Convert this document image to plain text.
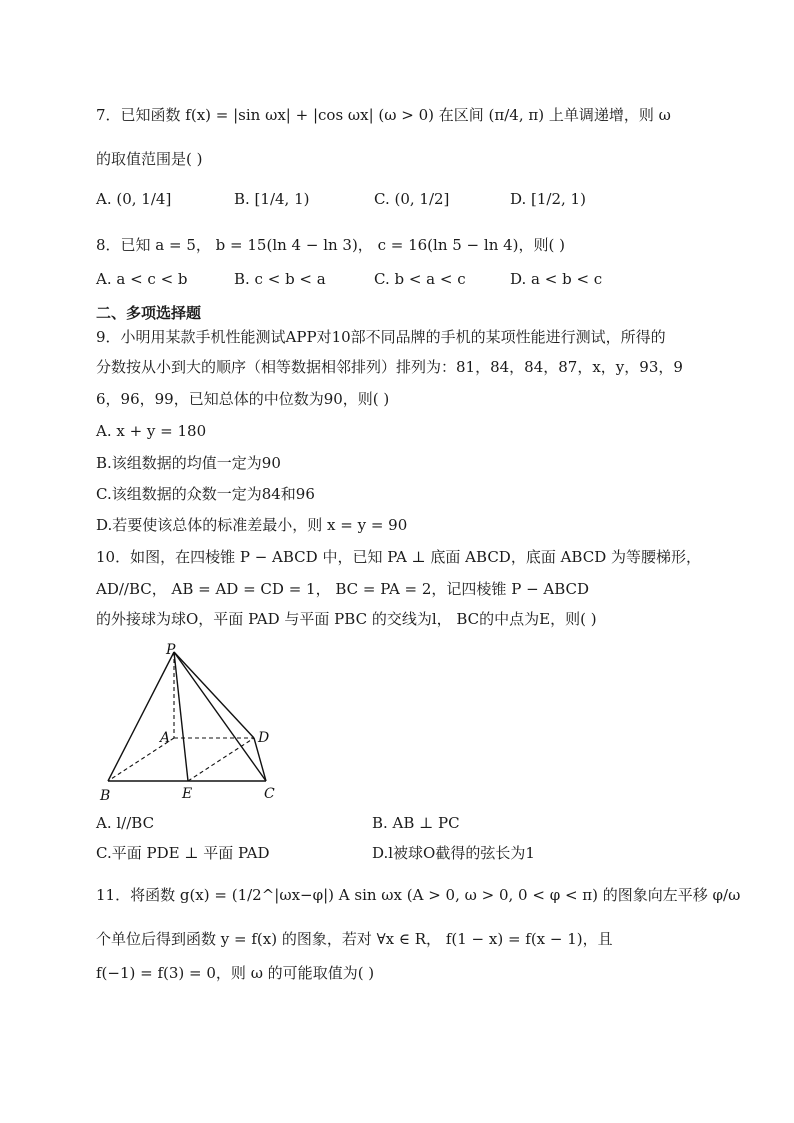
7．已知函数 f(x) = |sin ωx| + |cos ωx| (ω > 0) 在区间 (π/4, π) 上单调递增，则 ω
的取值范围是( )
A. (0, 1/4]	B. [1/4, 1)	C. (0, 1/2]	D. [1/2, 1)
8．已知 a = 5， b = 15(ln 4 − ln 3)， c = 16(ln 5 − ln 4)，则( )
A. a < c < b	B. c < b < a	C. b < a < c	D. a < b < c
二、多项选择题
9．小明用某款手机性能测试APP对10部不同品牌的手机的某项性能进行测试，所得的
分数按从小到大的顺序（相等数据相邻排列）排列为：81，84，84，87，x，y，93，9
6，96，99，已知总体的中位数为90，则( )
A. x + y = 180
B.该组数据的均值一定为90
C.该组数据的众数一定为84和96
D.若要使该总体的标准差最小，则 x = y = 90
10．如图，在四棱锥 P − ABCD 中，已知 PA ⊥ 底面 ABCD，底面 ABCD 为等腰梯形，
AD//BC， AB = AD = CD = 1， BC = PA = 2，记四棱锥 P − ABCD
的外接球为球O，平面 PAD 与平面 PBC 的交线为l， BC的中点为E，则( )
P
A	D
B	E	C
A. l//BC	B. AB ⊥ PC
C.平面 PDE ⊥ 平面 PAD	D.l被球O截得的弦长为1
11．将函数 g(x) = (1/2^|ωx−φ|) A sin ωx (A > 0, ω > 0, 0 < φ < π) 的图象向左平移 φ/ω
个单位后得到函数 y = f(x) 的图象，若对 ∀x ∈ R， f(1 − x) = f(x − 1)，且
f(−1) = f(3) = 0，则 ω 的可能取值为( )
